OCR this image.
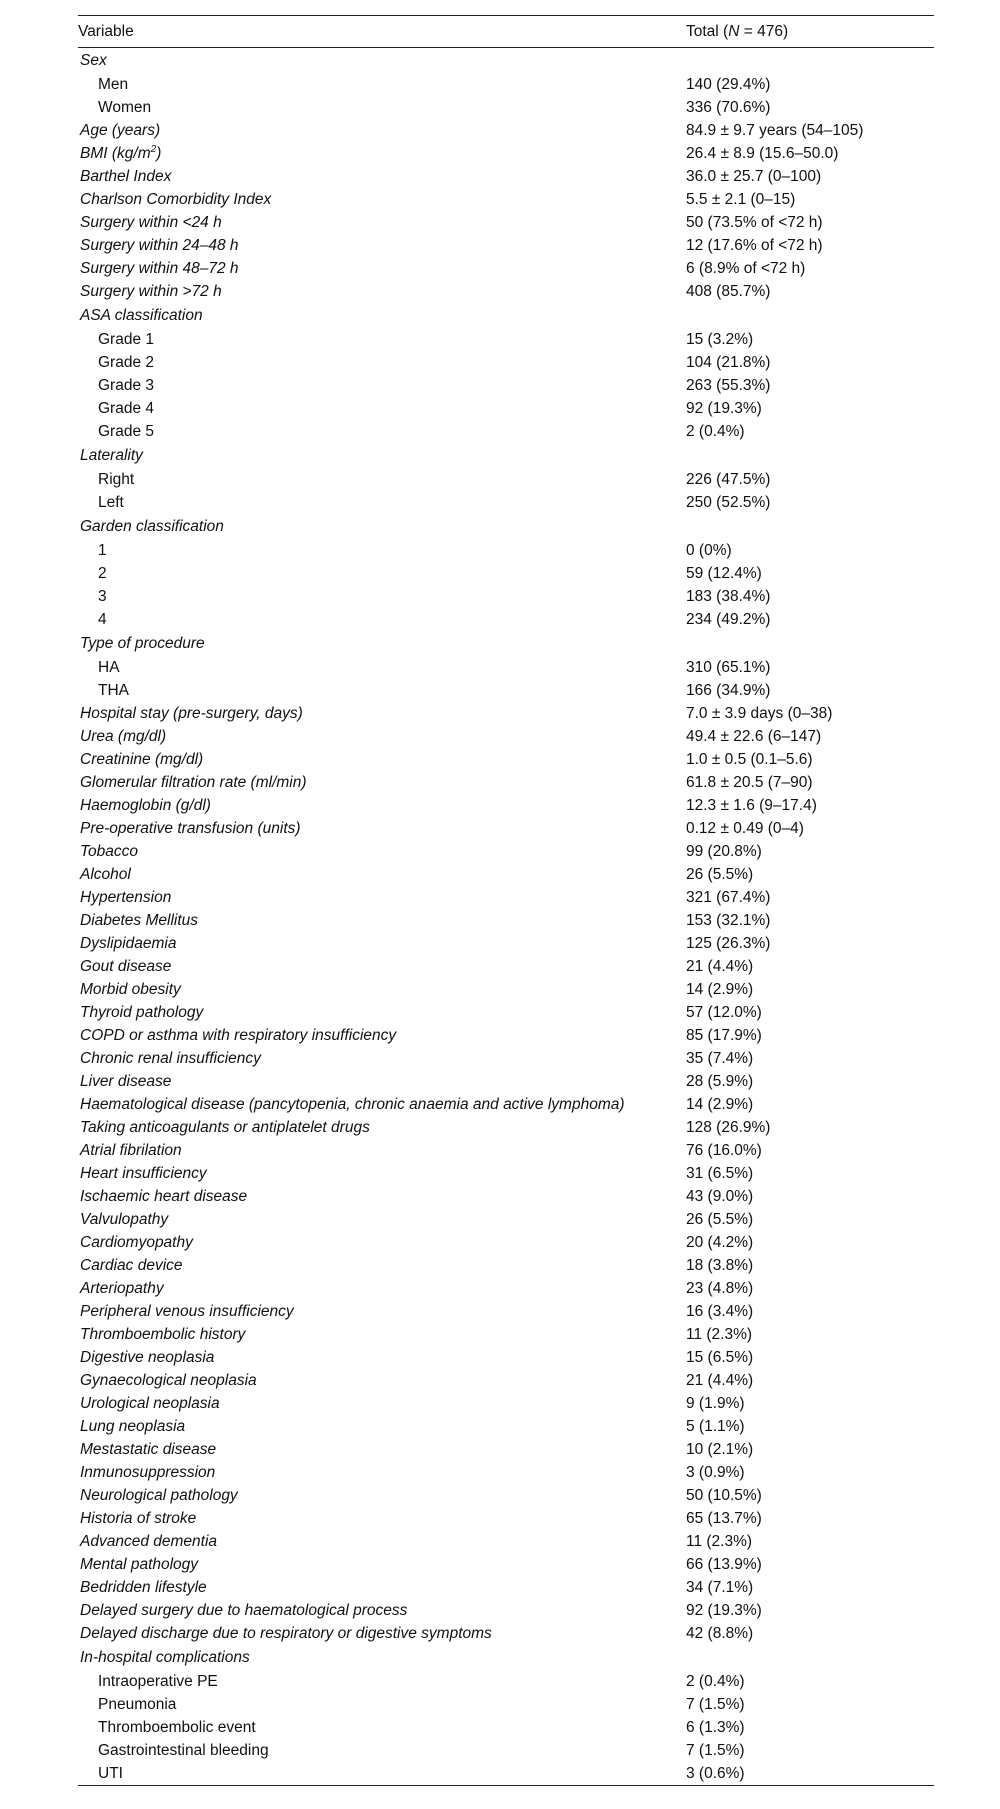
Variable	Total (N = 476)
Sex	
Men	140 (29.4%)
Women	336 (70.6%)
Age (years)	84.9 ± 9.7 years (54–105)
BMI $(kg/m^2)$	26.4 ± 8.9 (15.6–50.0)
Barthel Index	36.0 ± 25.7 (0–100)
Charlson Comorbidity Index	5.5 ± 2.1 (0–15)
Surgery within <24 h	50 (73.5% of <72 h)
Surgery within 24–48 h	12 (17.6% of <72 h)
Surgery within 48–72 h	6 (8.9% of <72 h)
Surgery within >72 h	408 (85.7%)
ASA classification	
Grade 1	15 (3.2%)
Grade 2	104 (21.8%)
Grade 3	263 (55.3%)
Grade 4	92 (19.3%)
Grade 5	2 (0.4%)
Laterality	
Right	226 (47.5%)
Left	250 (52.5%)
Garden classification	
1	0 (0%)
2	59 (12.4%)
3	183 (38.4%)
4	234 (49.2%)
Type of procedure	
HA	310 (65.1%)
THA	166 (34.9%)
Hospital stay (pre-surgery, days)	7.0 ± 3.9 days (0–38)
Urea (mg/dl)	49.4 ± 22.6 (6–147)
Creatinine (mg/dl)	1.0 ± 0.5 (0.1–5.6)
Glomerular filtration rate (ml/min)	61.8 ± 20.5 (7–90)
Haemoglobin (g/dl)	12.3 ± 1.6 (9–17.4)
Pre-operative transfusion (units)	0.12 ± 0.49 (0–4)
Tobacco	99 (20.8%)
Alcohol	26 (5.5%)
Hypertension	321 (67.4%)
Diabetes Mellitus	153 (32.1%)
Dyslipidaemia	125 (26.3%)
Gout disease	21 (4.4%)
Morbid obesity	14 (2.9%)
Thyroid pathology	57 (12.0%)
COPD or asthma with respiratory insufficiency	85 (17.9%)
Chronic renal insufficiency	35 (7.4%)
Liver disease	28 (5.9%)
Haematological disease (pancytopenia, chronic anaemia and active lymphoma)	14 (2.9%)
Taking anticoagulants or antiplatelet drugs	128 (26.9%)
Atrial fibrilation	76 (16.0%)
Heart insufficiency	31 (6.5%)
Ischaemic heart disease	43 (9.0%)
Valvulopathy	26 (5.5%)
Cardiomyopathy	20 (4.2%)
Cardiac device	18 (3.8%)
Arteriopathy	23 (4.8%)
Peripheral venous insufficiency	16 (3.4%)
Thromboembolic history	11 (2.3%)
Digestive neoplasia	15 (6.5%)
Gynaecological neoplasia	21 (4.4%)
Urological neoplasia	9 (1.9%)
Lung neoplasia	5 (1.1%)
Mestastatic disease	10 (2.1%)
Inmunosuppression	3 (0.9%)
Neurological pathology	50 (10.5%)
Historia of stroke	65 (13.7%)
Advanced dementia	11 (2.3%)
Mental pathology	66 (13.9%)
Bedridden lifestyle	34 (7.1%)
Delayed surgery due to haematological process	92 (19.3%)
Delayed discharge due to respiratory or digestive symptoms	42 (8.8%)
In-hospital complications	
Intraoperative PE	2 (0.4%)
Pneumonia	7 (1.5%)
Thromboembolic event	6 (1.3%)
Gastrointestinal bleeding	7 (1.5%)
UTI	3 (0.6%)
